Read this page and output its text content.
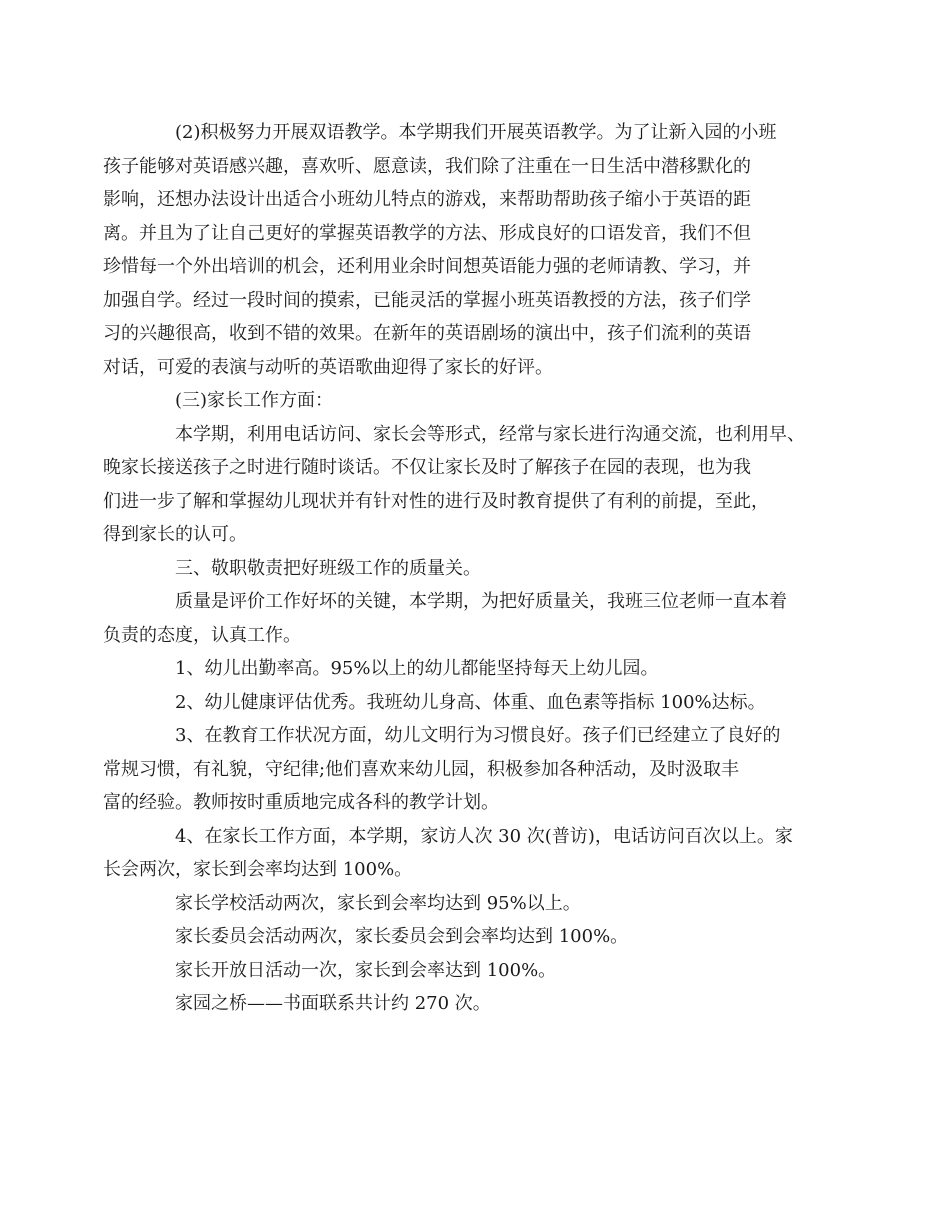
(2)积极努力开展双语教学。本学期我们开展英语教学。为了让新入园的小班
孩子能够对英语感兴趣，喜欢听、愿意读，我们除了注重在一日生活中潜移默化的
影响，还想办法设计出适合小班幼儿特点的游戏，来帮助帮助孩子缩小于英语的距
离。并且为了让自己更好的掌握英语教学的方法、形成良好的口语发音，我们不但
珍惜每一个外出培训的机会，还利用业余时间想英语能力强的老师请教、学习，并
加强自学。经过一段时间的摸索，已能灵活的掌握小班英语教授的方法，孩子们学
习的兴趣很高，收到不错的效果。在新年的英语剧场的演出中，孩子们流利的英语
对话，可爱的表演与动听的英语歌曲迎得了家长的好评。

(三)家长工作方面：

本学期，利用电话访问、家长会等形式，经常与家长进行沟通交流，也利用早、
晚家长接送孩子之时进行随时谈话。不仅让家长及时了解孩子在园的表现，也为我
们进一步了解和掌握幼儿现状并有针对性的进行及时教育提供了有利的前提，至此，
得到家长的认可。

三、敬职敬责把好班级工作的质量关。

质量是评价工作好坏的关键，本学期，为把好质量关，我班三位老师一直本着
负责的态度，认真工作。

1、幼儿出勤率高。95%以上的幼儿都能坚持每天上幼儿园。

2、幼儿健康评估优秀。我班幼儿身高、体重、血色素等指标 100%达标。

3、在教育工作状况方面，幼儿文明行为习惯良好。孩子们已经建立了良好的
常规习惯，有礼貌，守纪律;他们喜欢来幼儿园，积极参加各种活动，及时汲取丰
富的经验。教师按时重质地完成各科的教学计划。

4、在家长工作方面，本学期，家访人次 30 次(普访)，电话访问百次以上。家
长会两次，家长到会率均达到 100%。

家长学校活动两次，家长到会率均达到 95%以上。

家长委员会活动两次，家长委员会到会率均达到 100%。

家长开放日活动一次，家长到会率达到 100%。

家园之桥——书面联系共计约 270 次。
